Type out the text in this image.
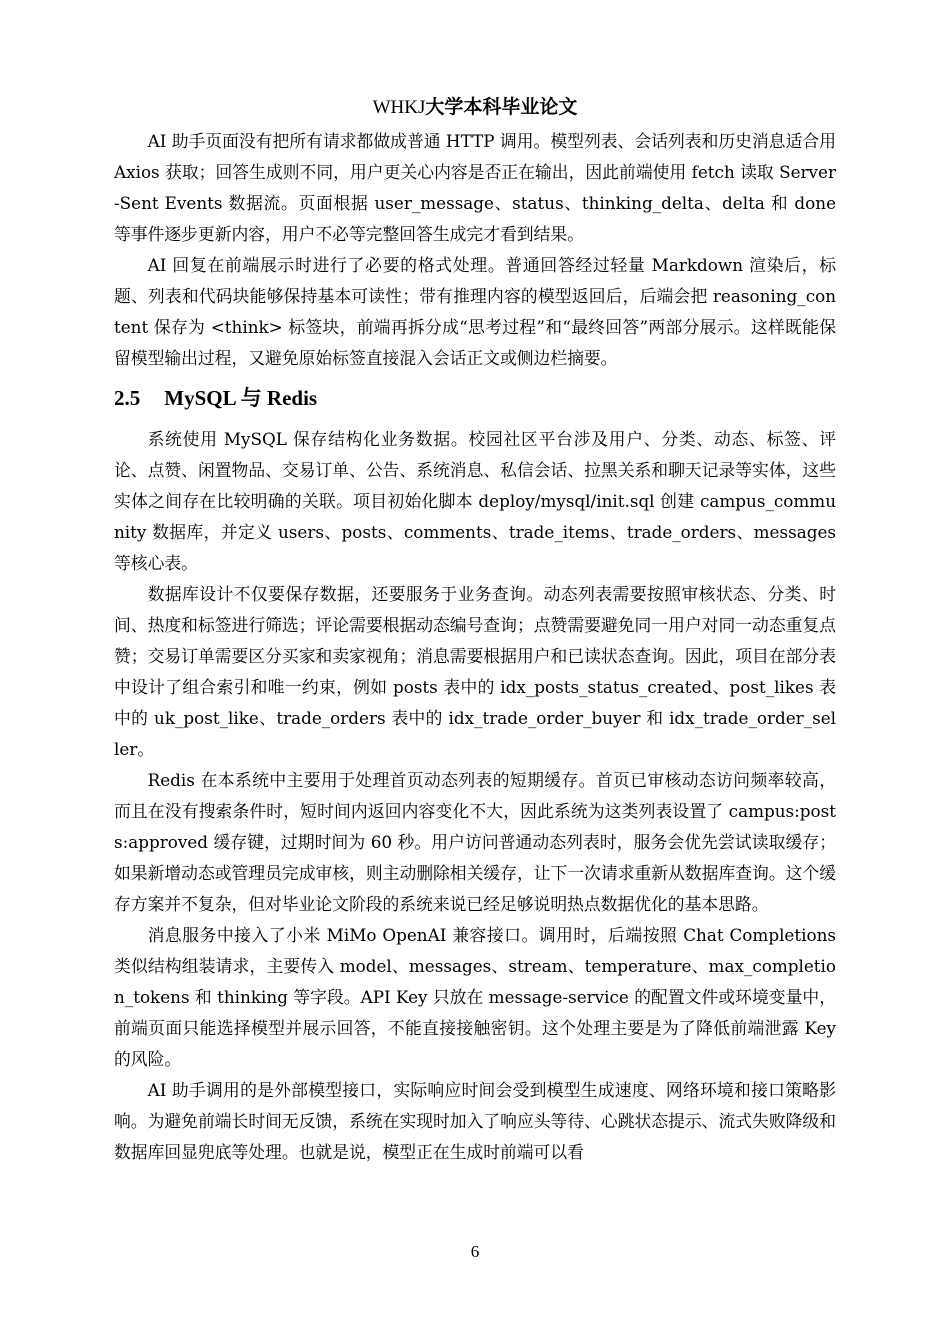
WHKJ大学本科毕业论文

AI 助手页面没有把所有请求都做成普通 HTTP 调用。模型列表、会话列表和历史消息适合用 Axios 获取；回答生成则不同，用户更关心内容是否正在输出，因此前端使用 fetch 读取 Server-Sent Events 数据流。页面根据 user_message、status、thinking_delta、delta 和 done 等事件逐步更新内容，用户不必等完整回答生成完才看到结果。

AI 回复在前端展示时进行了必要的格式处理。普通回答经过轻量 Markdown 渲染后，标题、列表和代码块能够保持基本可读性；带有推理内容的模型返回后，后端会把 reasoning_content 保存为 <think> 标签块，前端再拆分成“思考过程”和“最终回答”两部分展示。这样既能保留模型输出过程，又避免原始标签直接混入会话正文或侧边栏摘要。

2.5 MySQL 与 Redis

系统使用 MySQL 保存结构化业务数据。校园社区平台涉及用户、分类、动态、标签、评论、点赞、闲置物品、交易订单、公告、系统消息、私信会话、拉黑关系和聊天记录等实体，这些实体之间存在比较明确的关联。项目初始化脚本 deploy/mysql/init.sql 创建 campus_community 数据库，并定义 users、posts、comments、trade_items、trade_orders、messages 等核心表。

数据库设计不仅要保存数据，还要服务于业务查询。动态列表需要按照审核状态、分类、时间、热度和标签进行筛选；评论需要根据动态编号查询；点赞需要避免同一用户对同一动态重复点赞；交易订单需要区分买家和卖家视角；消息需要根据用户和已读状态查询。因此，项目在部分表中设计了组合索引和唯一约束，例如 posts 表中的 idx_posts_status_created、post_likes 表中的 uk_post_like、trade_orders 表中的 idx_trade_order_buyer 和 idx_trade_order_seller。

Redis 在本系统中主要用于处理首页动态列表的短期缓存。首页已审核动态访问频率较高，而且在没有搜索条件时，短时间内返回内容变化不大，因此系统为这类列表设置了 campus:posts:approved 缓存键，过期时间为 60 秒。用户访问普通动态列表时，服务会优先尝试读取缓存；如果新增动态或管理员完成审核，则主动删除相关缓存，让下一次请求重新从数据库查询。这个缓存方案并不复杂，但对毕业论文阶段的系统来说已经足够说明热点数据优化的基本思路。

消息服务中接入了小米 MiMo OpenAI 兼容接口。调用时，后端按照 Chat Completions 类似结构组装请求，主要传入 model、messages、stream、temperature、max_completion_tokens 和 thinking 等字段。API Key 只放在 message-service 的配置文件或环境变量中，前端页面只能选择模型并展示回答，不能直接接触密钥。这个处理主要是为了降低前端泄露 Key 的风险。

AI 助手调用的是外部模型接口，实际响应时间会受到模型生成速度、网络环境和接口策略影响。为避免前端长时间无反馈，系统在实现时加入了响应头等待、心跳状态提示、流式失败降级和数据库回显兜底等处理。也就是说，模型正在生成时前端可以看

6
